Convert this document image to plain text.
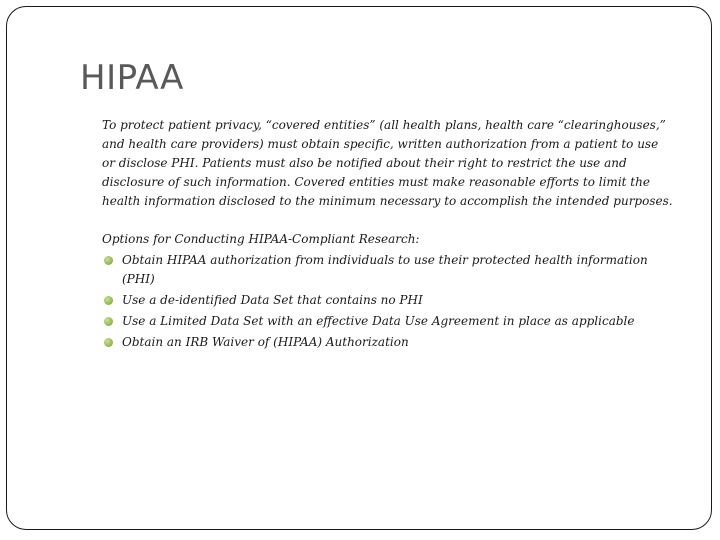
HIPAA

To protect patient privacy, “covered entities” (all health plans, health care “clearinghouses,” and health care providers) must obtain specific, written authorization from a patient to use or disclose PHI. Patients must also be notified about their right to restrict the use and disclosure of such information. Covered entities must make reasonable efforts to limit the health information disclosed to the minimum necessary to accomplish the intended purposes.

Options for Conducting HIPAA-Compliant Research:

Obtain HIPAA authorization from individuals to use their protected health information (PHI)
Use a de-identified Data Set that contains no PHI
Use a Limited Data Set with an effective Data Use Agreement in place as applicable
Obtain an IRB Waiver of (HIPAA) Authorization
